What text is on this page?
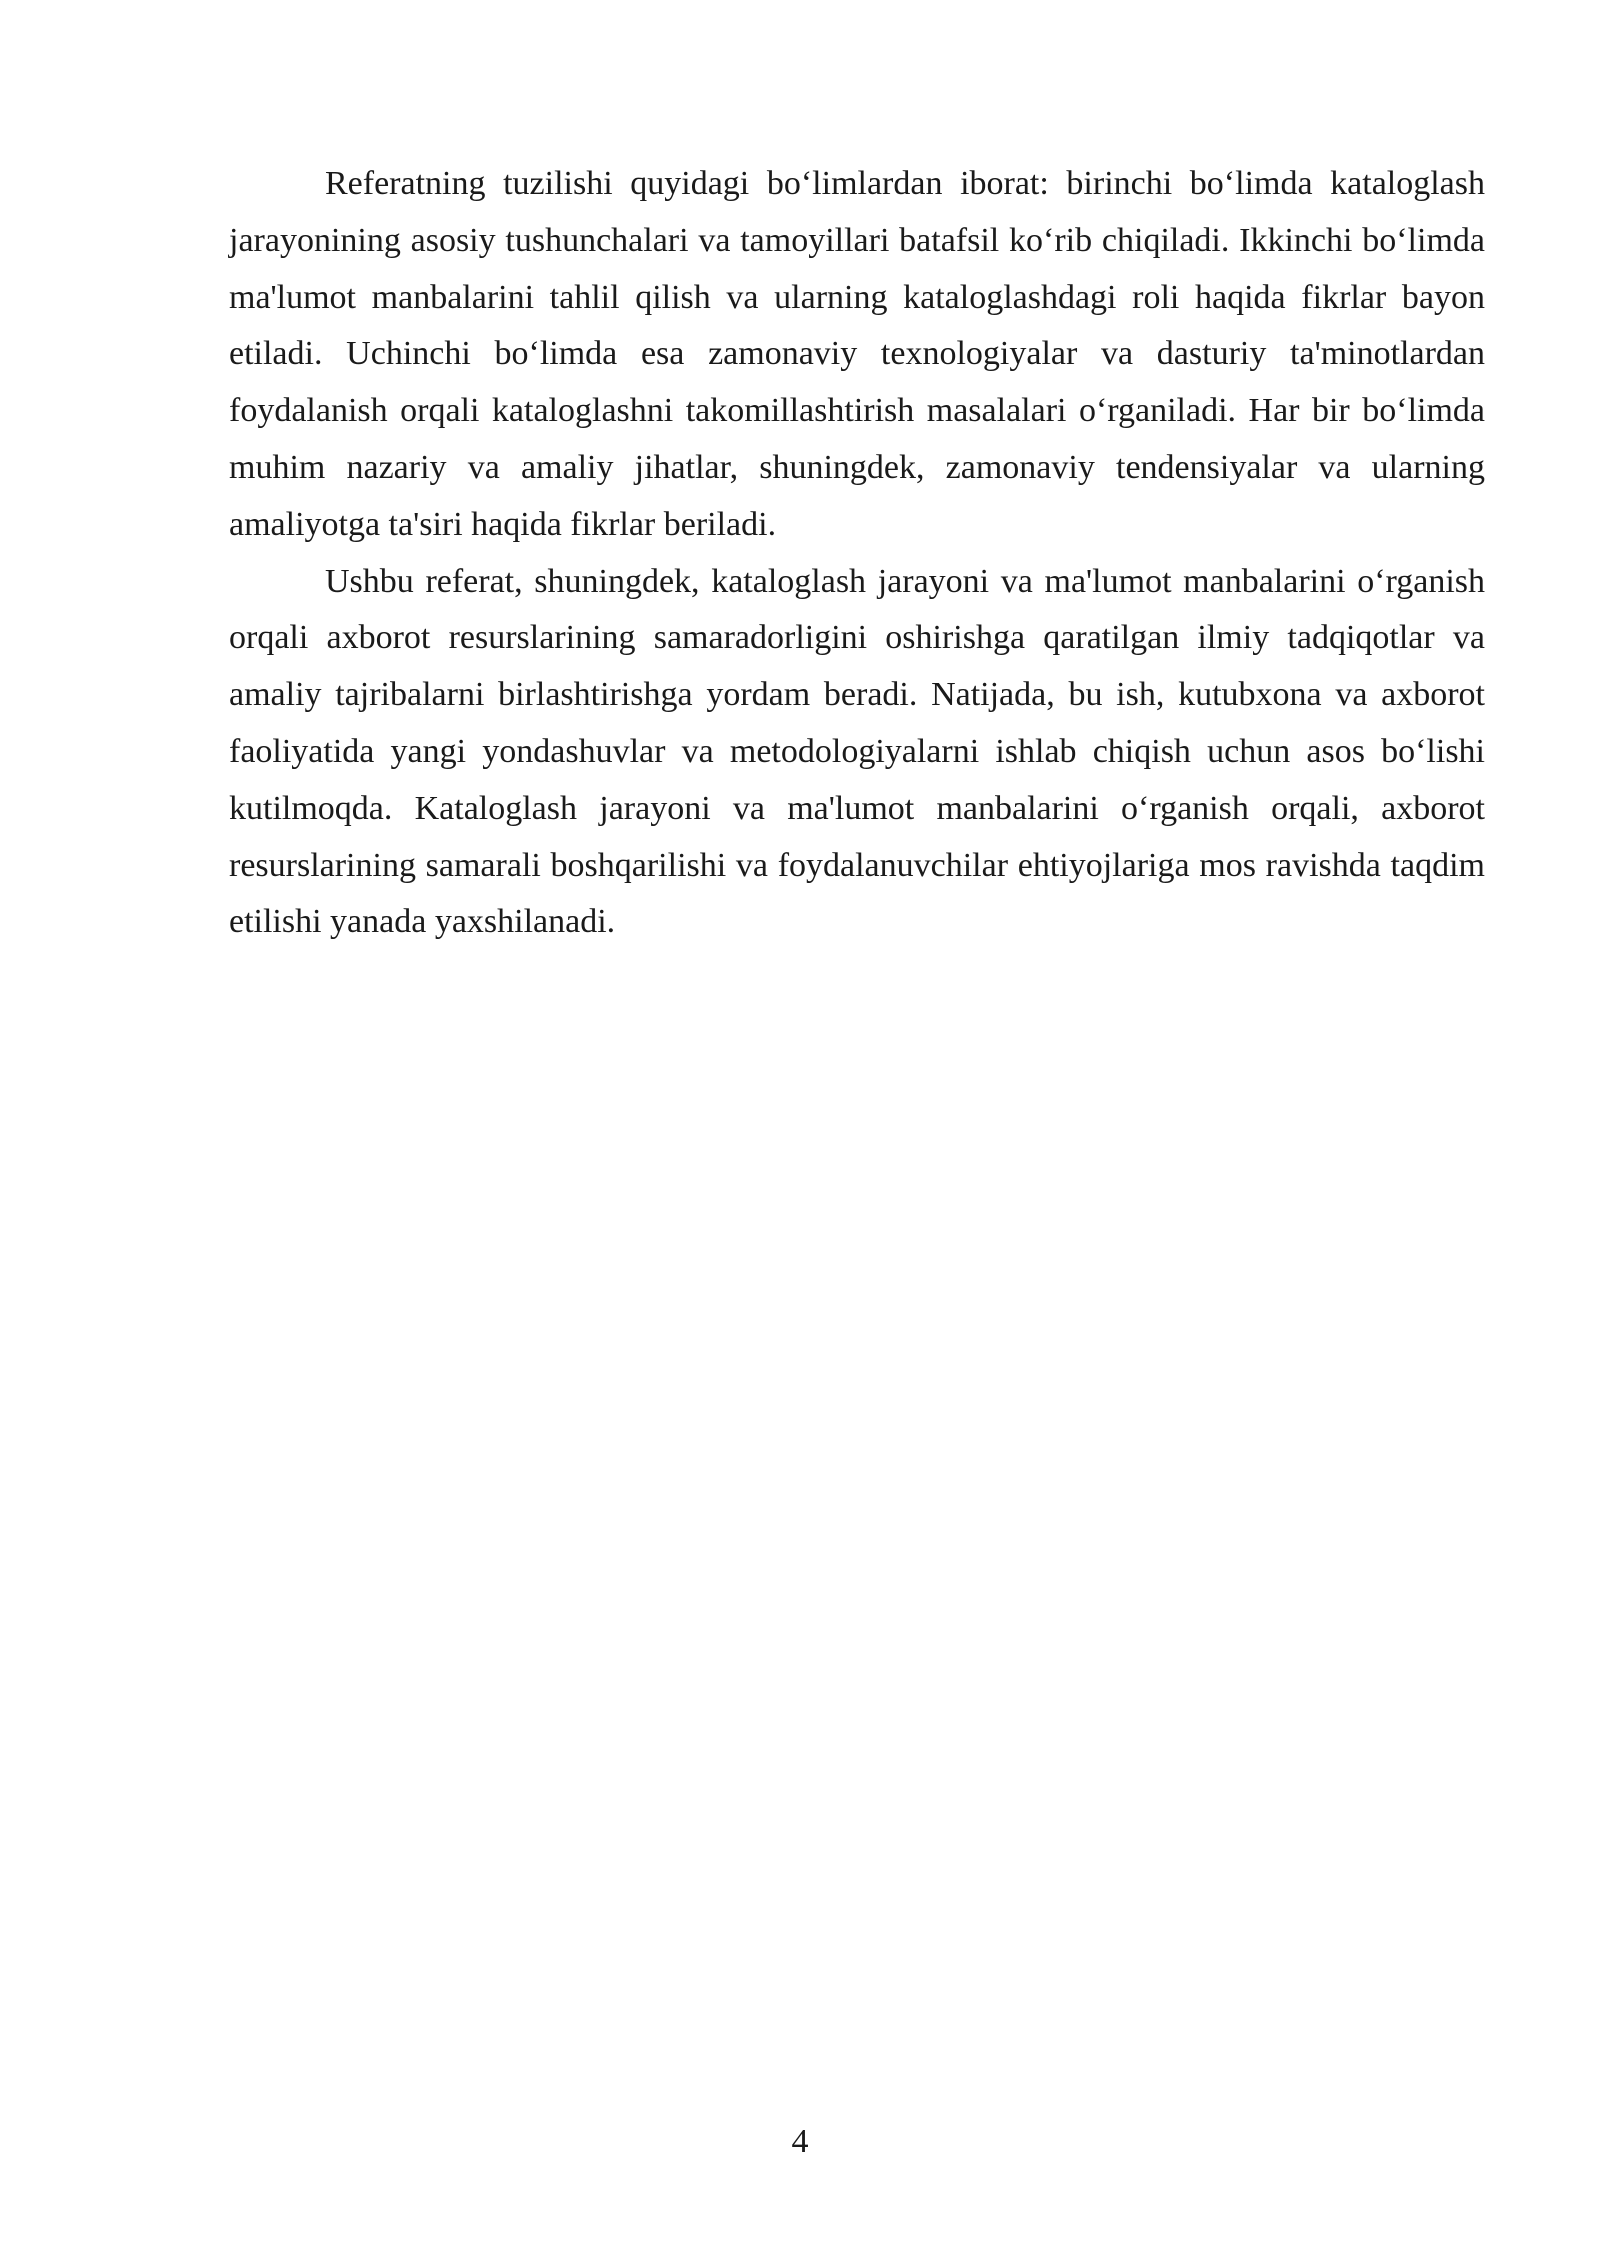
Referatning tuzilishi quyidagi bo‘limlardan iborat: birinchi bo‘limda kataloglash jarayonining asosiy tushunchalari va tamoyillari batafsil ko‘rib chiqiladi. Ikkinchi bo‘limda ma'lumot manbalarini tahlil qilish va ularning kataloglashdagi roli haqida fikrlar bayon etiladi. Uchinchi bo‘limda esa zamonaviy texnologiyalar va dasturiy ta'minotlardan foydalanish orqali kataloglashni takomillashtirish masalalari o‘rganiladi. Har bir bo‘limda muhim nazariy va amaliy jihatlar, shuningdek, zamonaviy tendensiyalar va ularning amaliyotga ta'siri haqida fikrlar beriladi.

Ushbu referat, shuningdek, kataloglash jarayoni va ma'lumot manbalarini o‘rganish orqali axborot resurslarining samaradorligini oshirishga qaratilgan ilmiy tadqiqotlar va amaliy tajribalarni birlashtirishga yordam beradi. Natijada, bu ish, kutubxona va axborot faoliyatida yangi yondashuvlar va metodologiyalarni ishlab chiqish uchun asos bo‘lishi kutilmoqda. Kataloglash jarayoni va ma'lumot manbalarini o‘rganish orqali, axborot resurslarining samarali boshqarilishi va foydalanuvchilar ehtiyojlariga mos ravishda taqdim etilishi yanada yaxshilanadi.

4
